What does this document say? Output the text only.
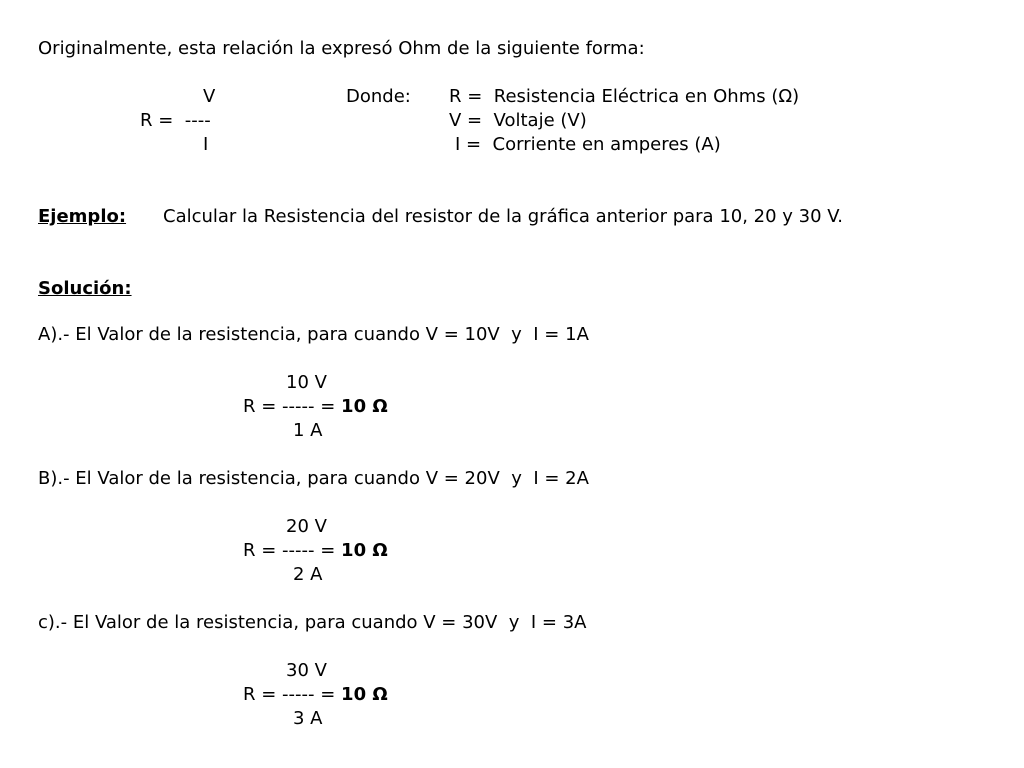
Originalmente, esta relación la expresó Ohm de la siguiente forma:
V
R =  ----
I
Donde: R =  Resistencia Eléctrica en Ohms (Ω)
V =  Voltaje (V)
I =  Corriente en amperes (A)
Ejemplo: Calcular la Resistencia del resistor de la gráfica anterior para 10, 20 y 30 V.
Solución:
A).- El Valor de la resistencia, para cuando V = 10V  y  I = 1A
10 V
R = ----- = 10 Ω
1 A
B).- El Valor de la resistencia, para cuando V = 20V  y  I = 2A
20 V
R = ----- = 10 Ω
2 A
c).- El Valor de la resistencia, para cuando V = 30V  y  I = 3A
30 V
R = ----- = 10 Ω
3 A
